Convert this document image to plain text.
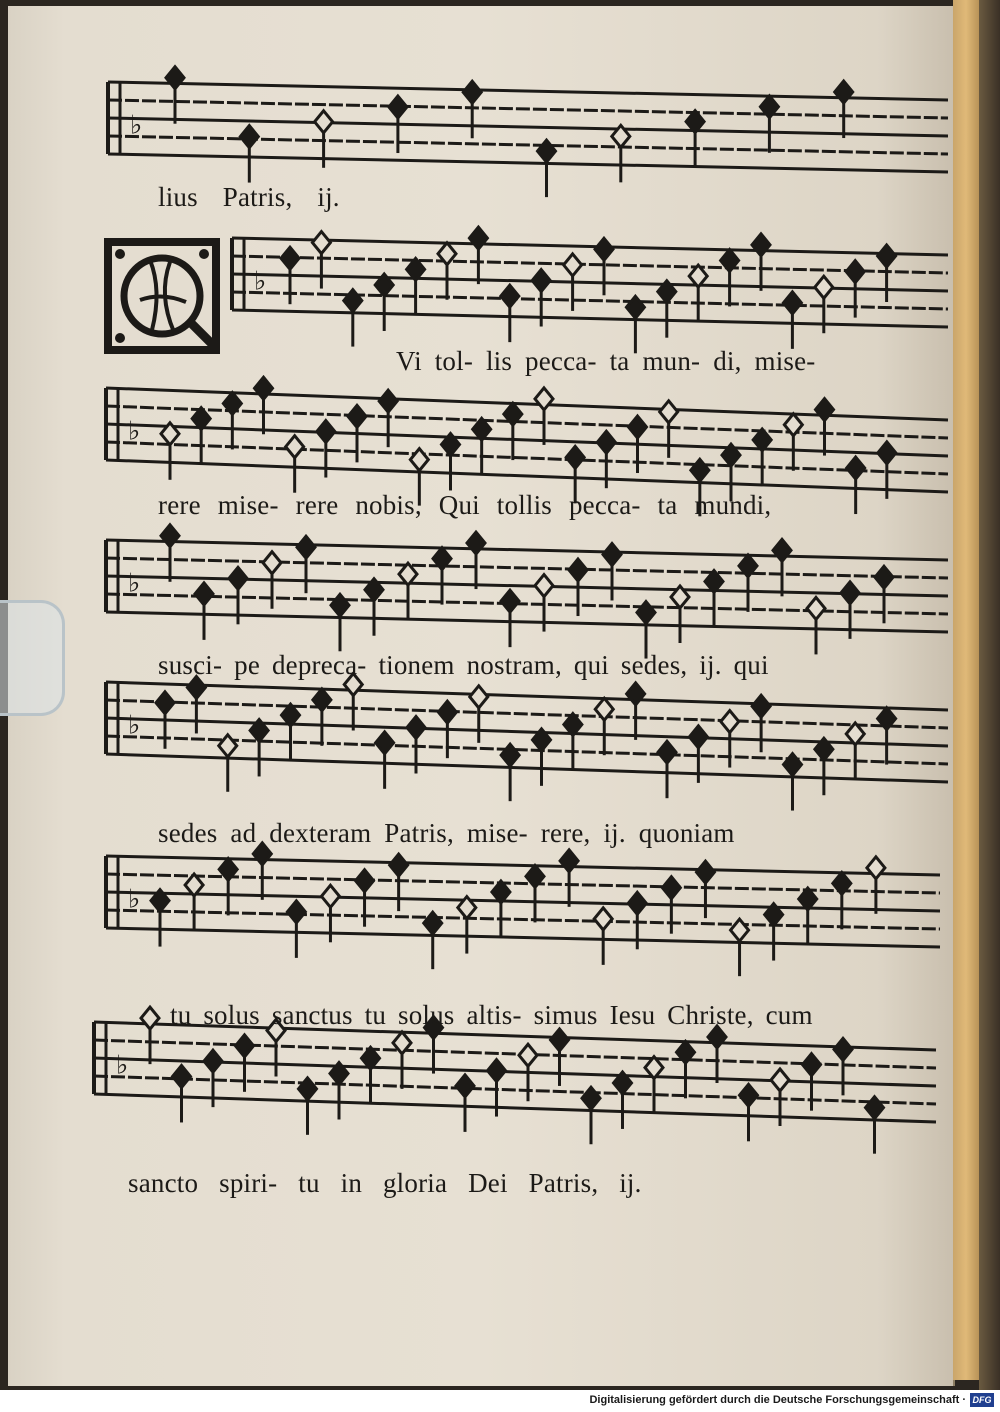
♭
♭
♭
♭
♭
♭
♭
lius Patris, ij.
Vi tol- lis pecca- ta mun- di, mise-
rere mise- rere nobis, Qui tollis pecca- ta mundi,
susci- pe depreca- tionem nostram, qui sedes, ij. qui
sedes ad dexteram Patris, mise- rere, ij. quoniam
tu solus sanctus tu solus altis- simus Iesu Christe, cum
sancto spiri- tu in gloria Dei Patris, ij.
Digitalisierung gefördert durch die Deutsche Forschungsgemeinschaft · DFG
